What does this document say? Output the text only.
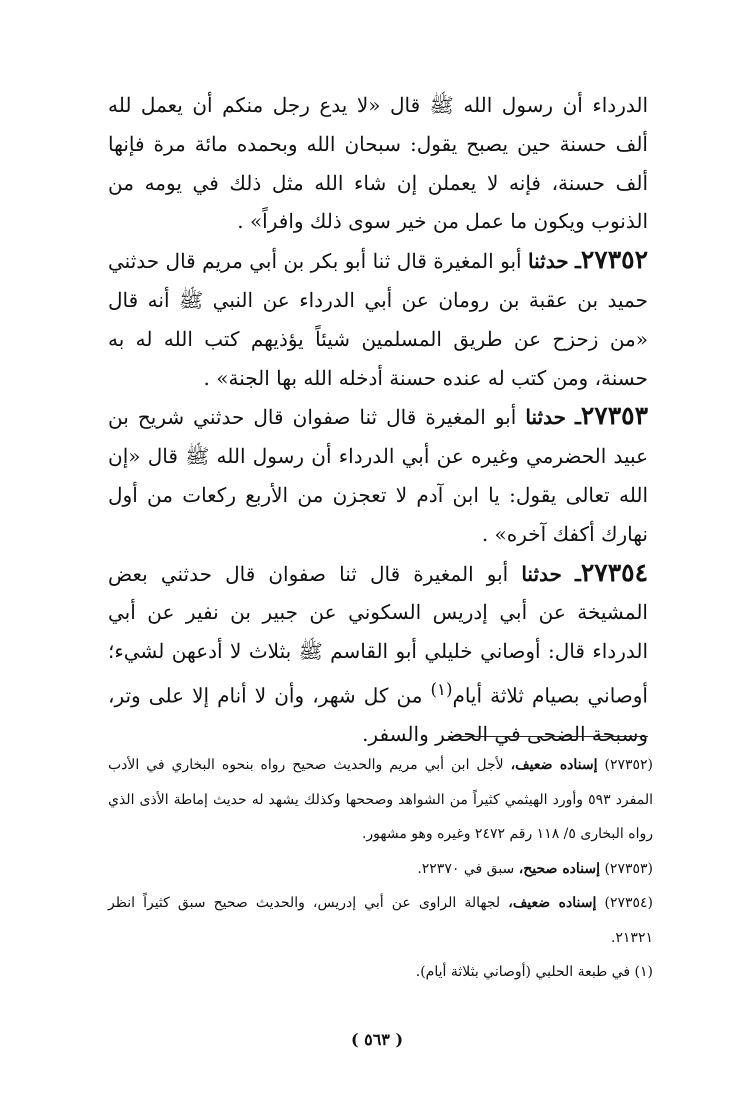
الدرداء أن رسول الله ﷺ قال «لا يدع رجل منكم أن يعمل لله ألف حسنة حين يصبح يقول: سبحان الله وبحمده مائة مرة فإنها ألف حسنة، فإنه لا يعملن إن شاء الله مثل ذلك في يومه من الذنوب ويكون ما عمل من خير سوى ذلك وافراً» .

٢٧٣٥٢ـ حدثنا أبو المغيرة قال ثنا أبو بكر بن أبي مريم قال حدثني حميد بن عقبة بن رومان عن أبي الدرداء عن النبي ﷺ أنه قال «من زحزح عن طريق المسلمين شيئاً يؤذيهم كتب الله له به حسنة، ومن كتب له عنده حسنة أدخله الله بها الجنة» .

٢٧٣٥٣ـ حدثنا أبو المغيرة قال ثنا صفوان قال حدثني شريح بن عبيد الحضرمي وغيره عن أبي الدرداء أن رسول الله ﷺ قال «إن الله تعالى يقول: يا ابن آدم لا تعجزن من الأربع ركعات من أول نهارك أكفك آخره» .

٢٧٣٥٤ـ حدثنا أبو المغيرة قال ثنا صفوان قال حدثني بعض المشيخة عن أبي إدريس السكوني عن جبير بن نفير عن أبي الدرداء قال: أوصاني خليلي أبو القاسم ﷺ بثلاث لا أدعهن لشيء؛ أوصاني بصيام ثلاثة أيام$^{(١)}$ من كل شهر، وأن لا أنام إلا على وتر، وسبحة الضحى في الحضر والسفر.

(٢٧٣٥٢) إسناده ضعيف، لأجل ابن أبي مريم والحديث صحيح رواه بنحوه البخاري في الأدب المفرد ٥٩٣ وأورد الهيثمي كثيراً من الشواهد وصححها وكذلك يشهد له حديث إماطة الأذى الذي رواه البخارى ٥/ ١١٨ رقم ٢٤٧٢ وغيره وهو مشهور.

(٢٧٣٥٣) إسناده صحيح، سبق في ٢٢٣٧٠.

(٢٧٣٥٤) إسناده ضعيف، لجهالة الراوى عن أبي إدريس، والحديث صحيح سبق كثيراً انظر ٢١٣٢١.

(١) في طبعة الحلبي (أوصاني بثلاثة أيام).

( ٥٦٣ )
